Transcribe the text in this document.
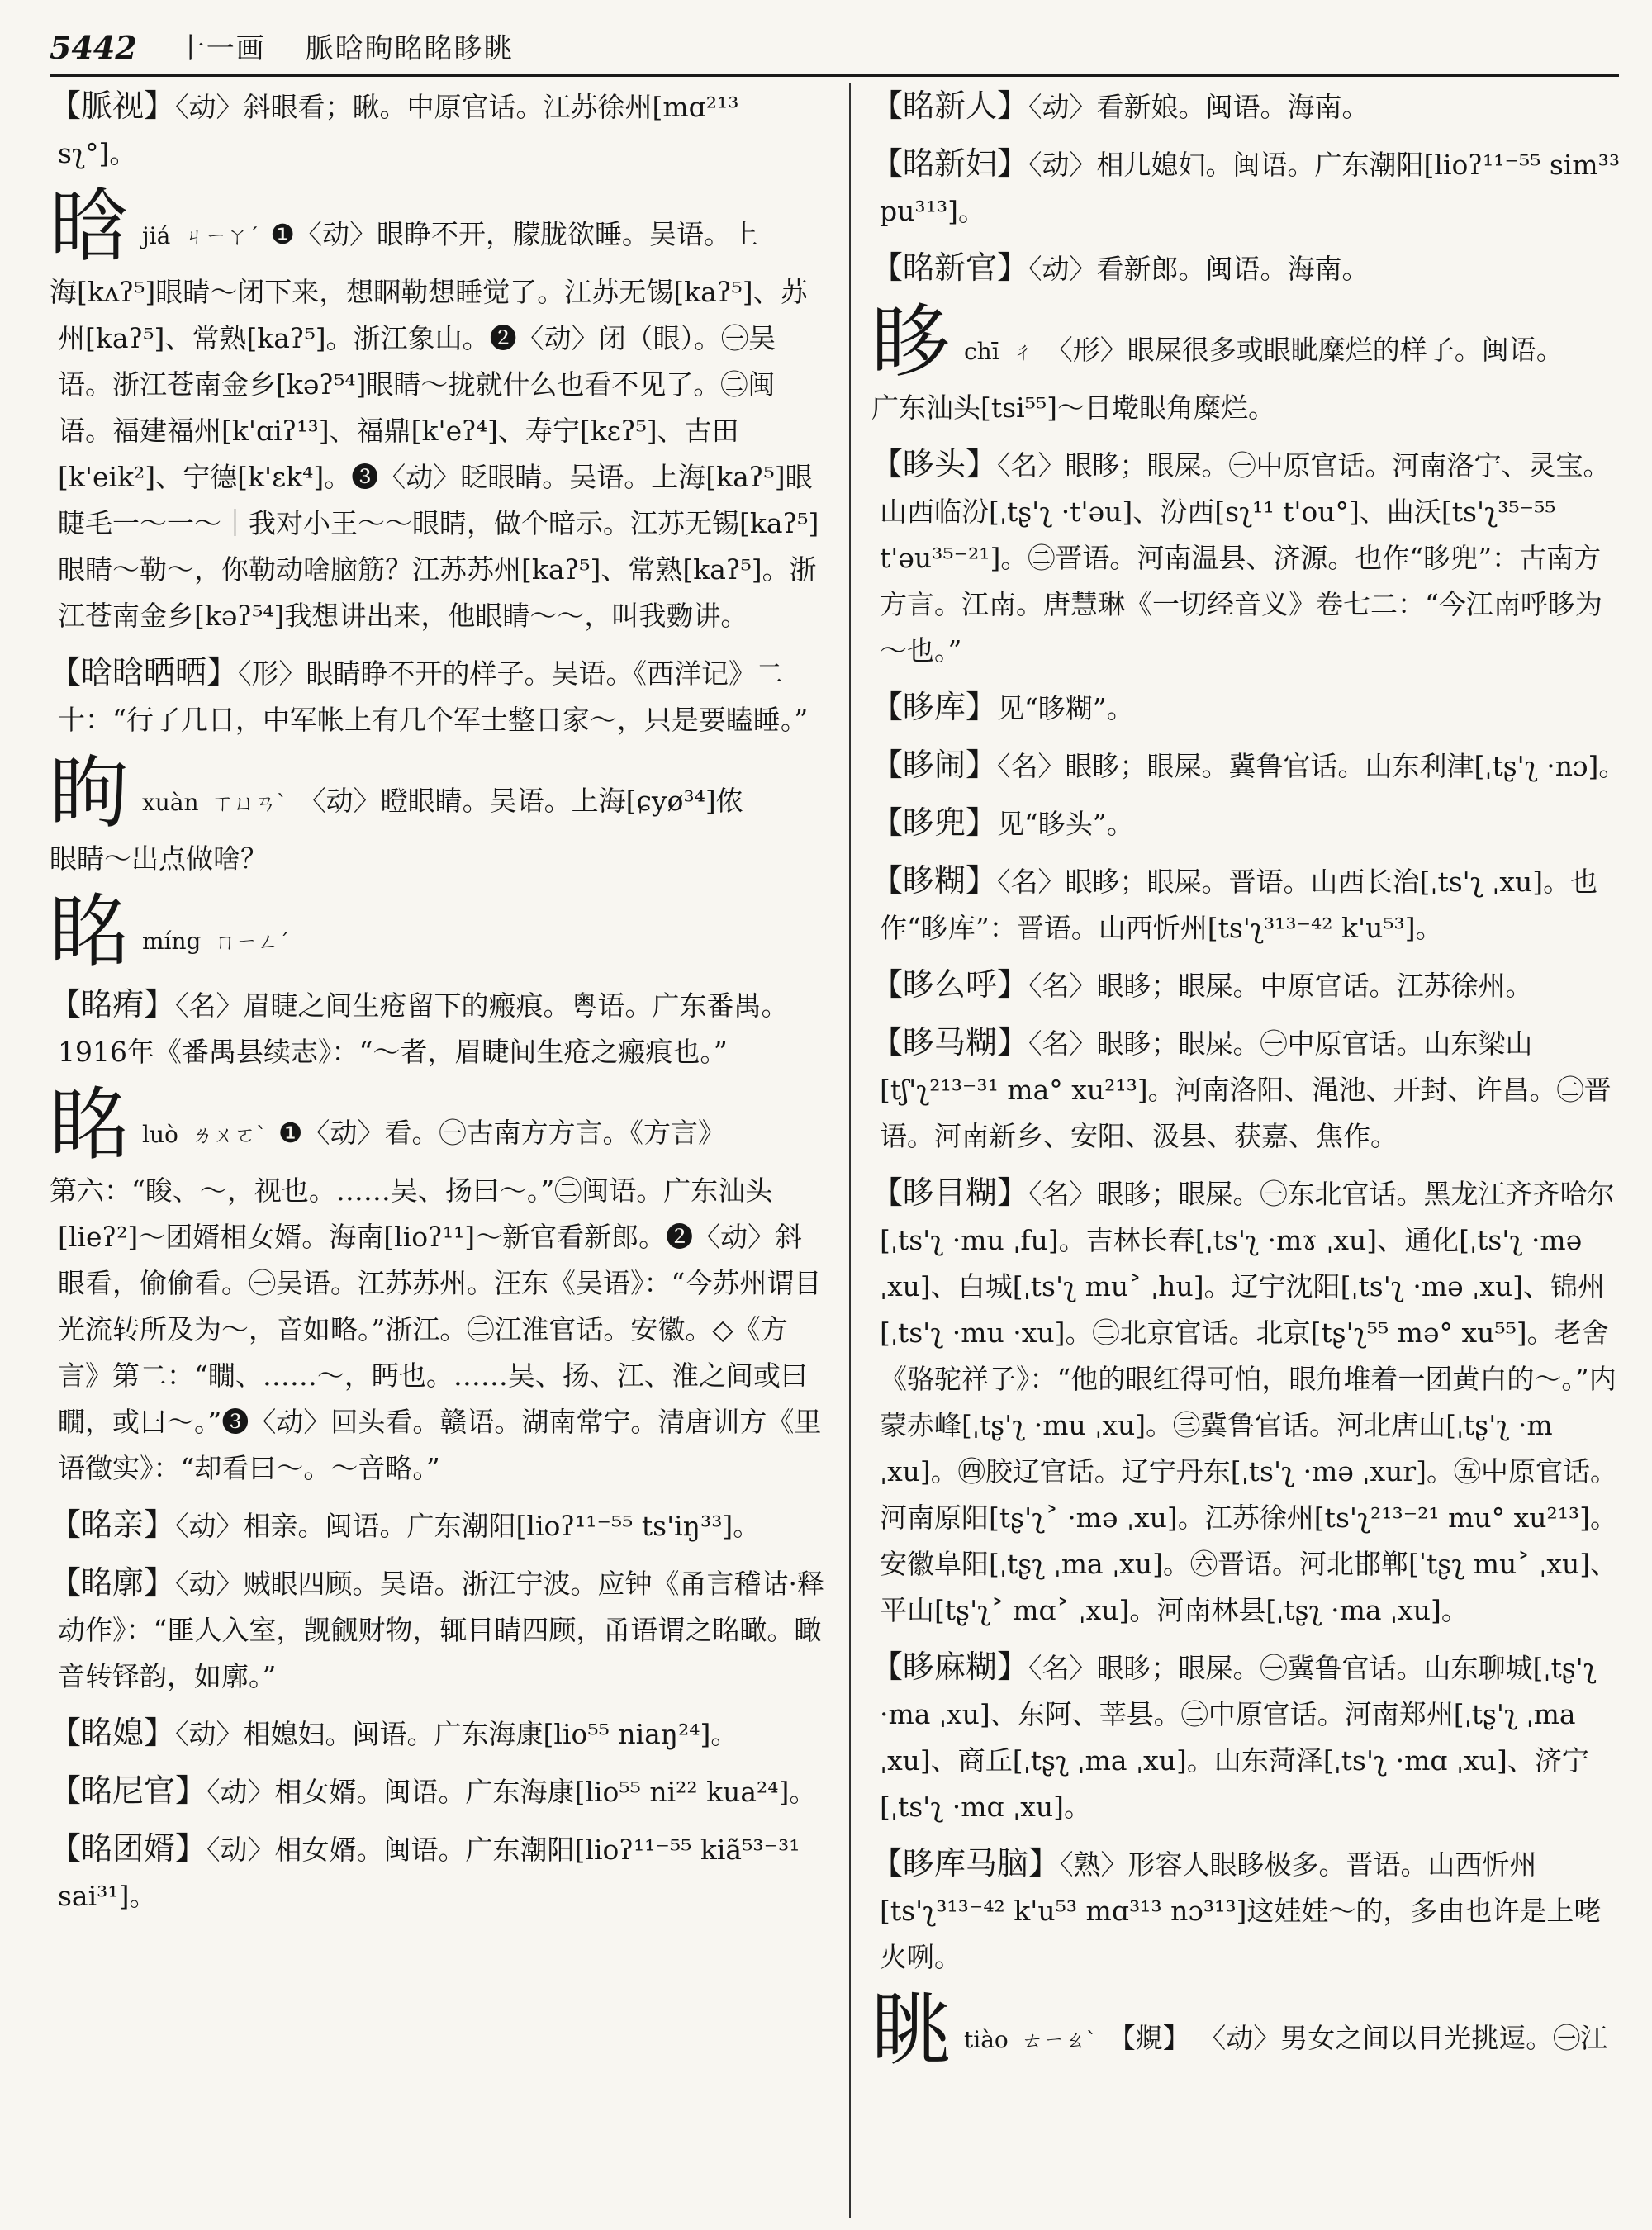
5442 十一画 脈晗眗眳眳眵眺
【脈视】〈动〉斜眼看；瞅。中原官话。江苏徐州[mɑ²¹³ sʅ°]。
晗jiá ㄐㄧㄚˊ ❶〈动〉眼睁不开，朦胧欲睡。吴语。上
海[kʌʔ⁵]眼睛～闭下来，想睏勒想睡觉了。江苏无锡[kaʔ⁵]、苏州[kaʔ⁵]、常熟[kaʔ⁵]。浙江象山。❷〈动〉闭（眼）。㊀吴语。浙江苍南金乡[kəʔ⁵⁴]眼睛～拢就什么也看不见了。㊁闽语。福建福州[k'ɑiʔ¹³]、福鼎[k'eʔ⁴]、寿宁[kɛʔ⁵]、古田[k'eik²]、宁德[k'ɛk⁴]。❸〈动〉眨眼睛。吴语。上海[kaʔ⁵]眼睫毛一～一～｜我对小王～～眼睛，做个暗示。江苏无锡[kaʔ⁵]眼睛～勒～，你勒动啥脑筋？江苏苏州[kaʔ⁵]、常熟[kaʔ⁵]。浙江苍南金乡[kəʔ⁵⁴]我想讲出来，他眼睛～～，叫我覅讲。
【晗晗晒晒】〈形〉眼睛睁不开的样子。吴语。《西洋记》二十：“行了几日，中军帐上有几个军士整日家～，只是要瞌睡。”
眗xuàn ㄒㄩㄢˋ 〈动〉瞪眼睛。吴语。上海[ɕyø³⁴]侬
眼睛～出点做啥？
眳míng ㄇㄧㄥˊ
【眳痏】〈名〉眉睫之间生疮留下的瘢痕。粤语。广东番禺。1916年《番禺县续志》：“～者，眉睫间生疮之瘢痕也。”
眳luò ㄌㄨㄛˋ ❶〈动〉看。㊀古南方方言。《方言》
第六：“睃、～，视也。……吴、扬曰～。”㊁闽语。广东汕头[lieʔ²]～团婿相女婿。海南[lioʔ¹¹]～新官看新郎。❷〈动〉斜眼看，偷偷看。㊀吴语。江苏苏州。汪东《吴语》：“今苏州谓目光流转所及为～，音如略。”浙江。㊁江淮官话。安徽。◇《方言》第二：“瞯、……～，眄也。……吴、扬、江、淮之间或曰瞯，或曰～。”❸〈动〉回头看。赣语。湖南常宁。清唐训方《里语徵实》：“却看曰～。～音略。”
【眳亲】〈动〉相亲。闽语。广东潮阳[lioʔ¹¹⁻⁵⁵ ts'iŋ³³]。
【眳廓】〈动〉贼眼四顾。吴语。浙江宁波。应钟《甬言稽诂·释动作》：“匪人入室，觊觎财物，辄目睛四顾，甬语谓之眳瞰。瞰音转铎韵，如廓。”
【眳媳】〈动〉相媳妇。闽语。广东海康[lio⁵⁵ niaŋ²⁴]。
【眳尼官】〈动〉相女婿。闽语。广东海康[lio⁵⁵ ni²² kua²⁴]。
【眳团婿】〈动〉相女婿。闽语。广东潮阳[lioʔ¹¹⁻⁵⁵ kiã⁵³⁻³¹ sai³¹]。
【眳新人】〈动〉看新娘。闽语。海南。
【眳新妇】〈动〉相儿媳妇。闽语。广东潮阳[lioʔ¹¹⁻⁵⁵ sim³³ pu³¹³]。
【眳新官】〈动〉看新郎。闽语。海南。
眵chī ㄔ 〈形〉眼屎很多或眼眦糜烂的样子。闽语。
广东汕头[tsi⁵⁵]～目墘眼角糜烂。
【眵头】〈名〉眼眵；眼屎。㊀中原官话。河南洛宁、灵宝。山西临汾[ˌtʂ'ʅ ·t'əu]、汾西[sʅ¹¹ t'ou°]、曲沃[ts'ʅ³⁵⁻⁵⁵ t'əu³⁵⁻²¹]。㊁晋语。河南温县、济源。也作“眵兜”：古南方方言。江南。唐慧琳《一切经音义》卷七二：“今江南呼眵为～也。”
【眵库】见“眵糊”。
【眵闹】〈名〉眼眵；眼屎。冀鲁官话。山东利津[ˌtʂ'ʅ ·nɔ]。
【眵兜】见“眵头”。
【眵糊】〈名〉眼眵；眼屎。晋语。山西长治[ˌts'ʅ ˌxu]。也作“眵库”：晋语。山西忻州[ts'ʅ³¹³⁻⁴² k'u⁵³]。
【眵么呼】〈名〉眼眵；眼屎。中原官话。江苏徐州。
【眵马糊】〈名〉眼眵；眼屎。㊀中原官话。山东梁山[tʃ'ʅ²¹³⁻³¹ ma° xu²¹³]。河南洛阳、渑池、开封、许昌。㊁晋语。河南新乡、安阳、汲县、获嘉、焦作。
【眵目糊】〈名〉眼眵；眼屎。㊀东北官话。黑龙江齐齐哈尔[ˌts'ʅ ·mu ˌfu]。吉林长春[ˌts'ʅ ·mɤ ˌxu]、通化[ˌts'ʅ ·mə ˌxu]、白城[ˌts'ʅ mu˃ ˌhu]。辽宁沈阳[ˌts'ʅ ·mə ˌxu]、锦州[ˌts'ʅ ·mu ·xu]。㊁北京官话。北京[tʂ'ʅ⁵⁵ mə° xu⁵⁵]。老舍《骆驼祥子》：“他的眼红得可怕，眼角堆着一团黄白的～。”内蒙赤峰[ˌtʂ'ʅ ·mu ˌxu]。㊂冀鲁官话。河北唐山[ˌtʂ'ʅ ·m ˌxu]。㊃胶辽官话。辽宁丹东[ˌts'ʅ ·mə ˌxur]。㊄中原官话。河南原阳[tʂ'ʅ˃ ·mə ˌxu]。江苏徐州[ts'ʅ²¹³⁻²¹ mu° xu²¹³]。安徽阜阳[ˌtʂʅ ˌma ˌxu]。㊅晋语。河北邯郸[ˈtʂʅ mu˃ ˌxu]、平山[tʂ'ʅ˃ mɑ˃ ˌxu]。河南林县[ˌtʂʅ ·ma ˌxu]。
【眵麻糊】〈名〉眼眵；眼屎。㊀冀鲁官话。山东聊城[ˌtʂ'ʅ ·ma ˌxu]、东阿、莘县。㊁中原官话。河南郑州[ˌtʂ'ʅ ˌma ˌxu]、商丘[ˌtʂʅ ˌma ˌxu]。山东菏泽[ˌts'ʅ ·mɑ ˌxu]、济宁[ˌts'ʅ ·mɑ ˌxu]。
【眵库马脑】〈熟〉形容人眼眵极多。晋语。山西忻州[ts'ʅ³¹³⁻⁴² k'u⁵³ mɑ³¹³ nɔ³¹³]这娃娃～的，多由也许是上咾火咧。
眺tiào ㄊㄧㄠˋ 【覜】 〈动〉男女之间以目光挑逗。㊀江
